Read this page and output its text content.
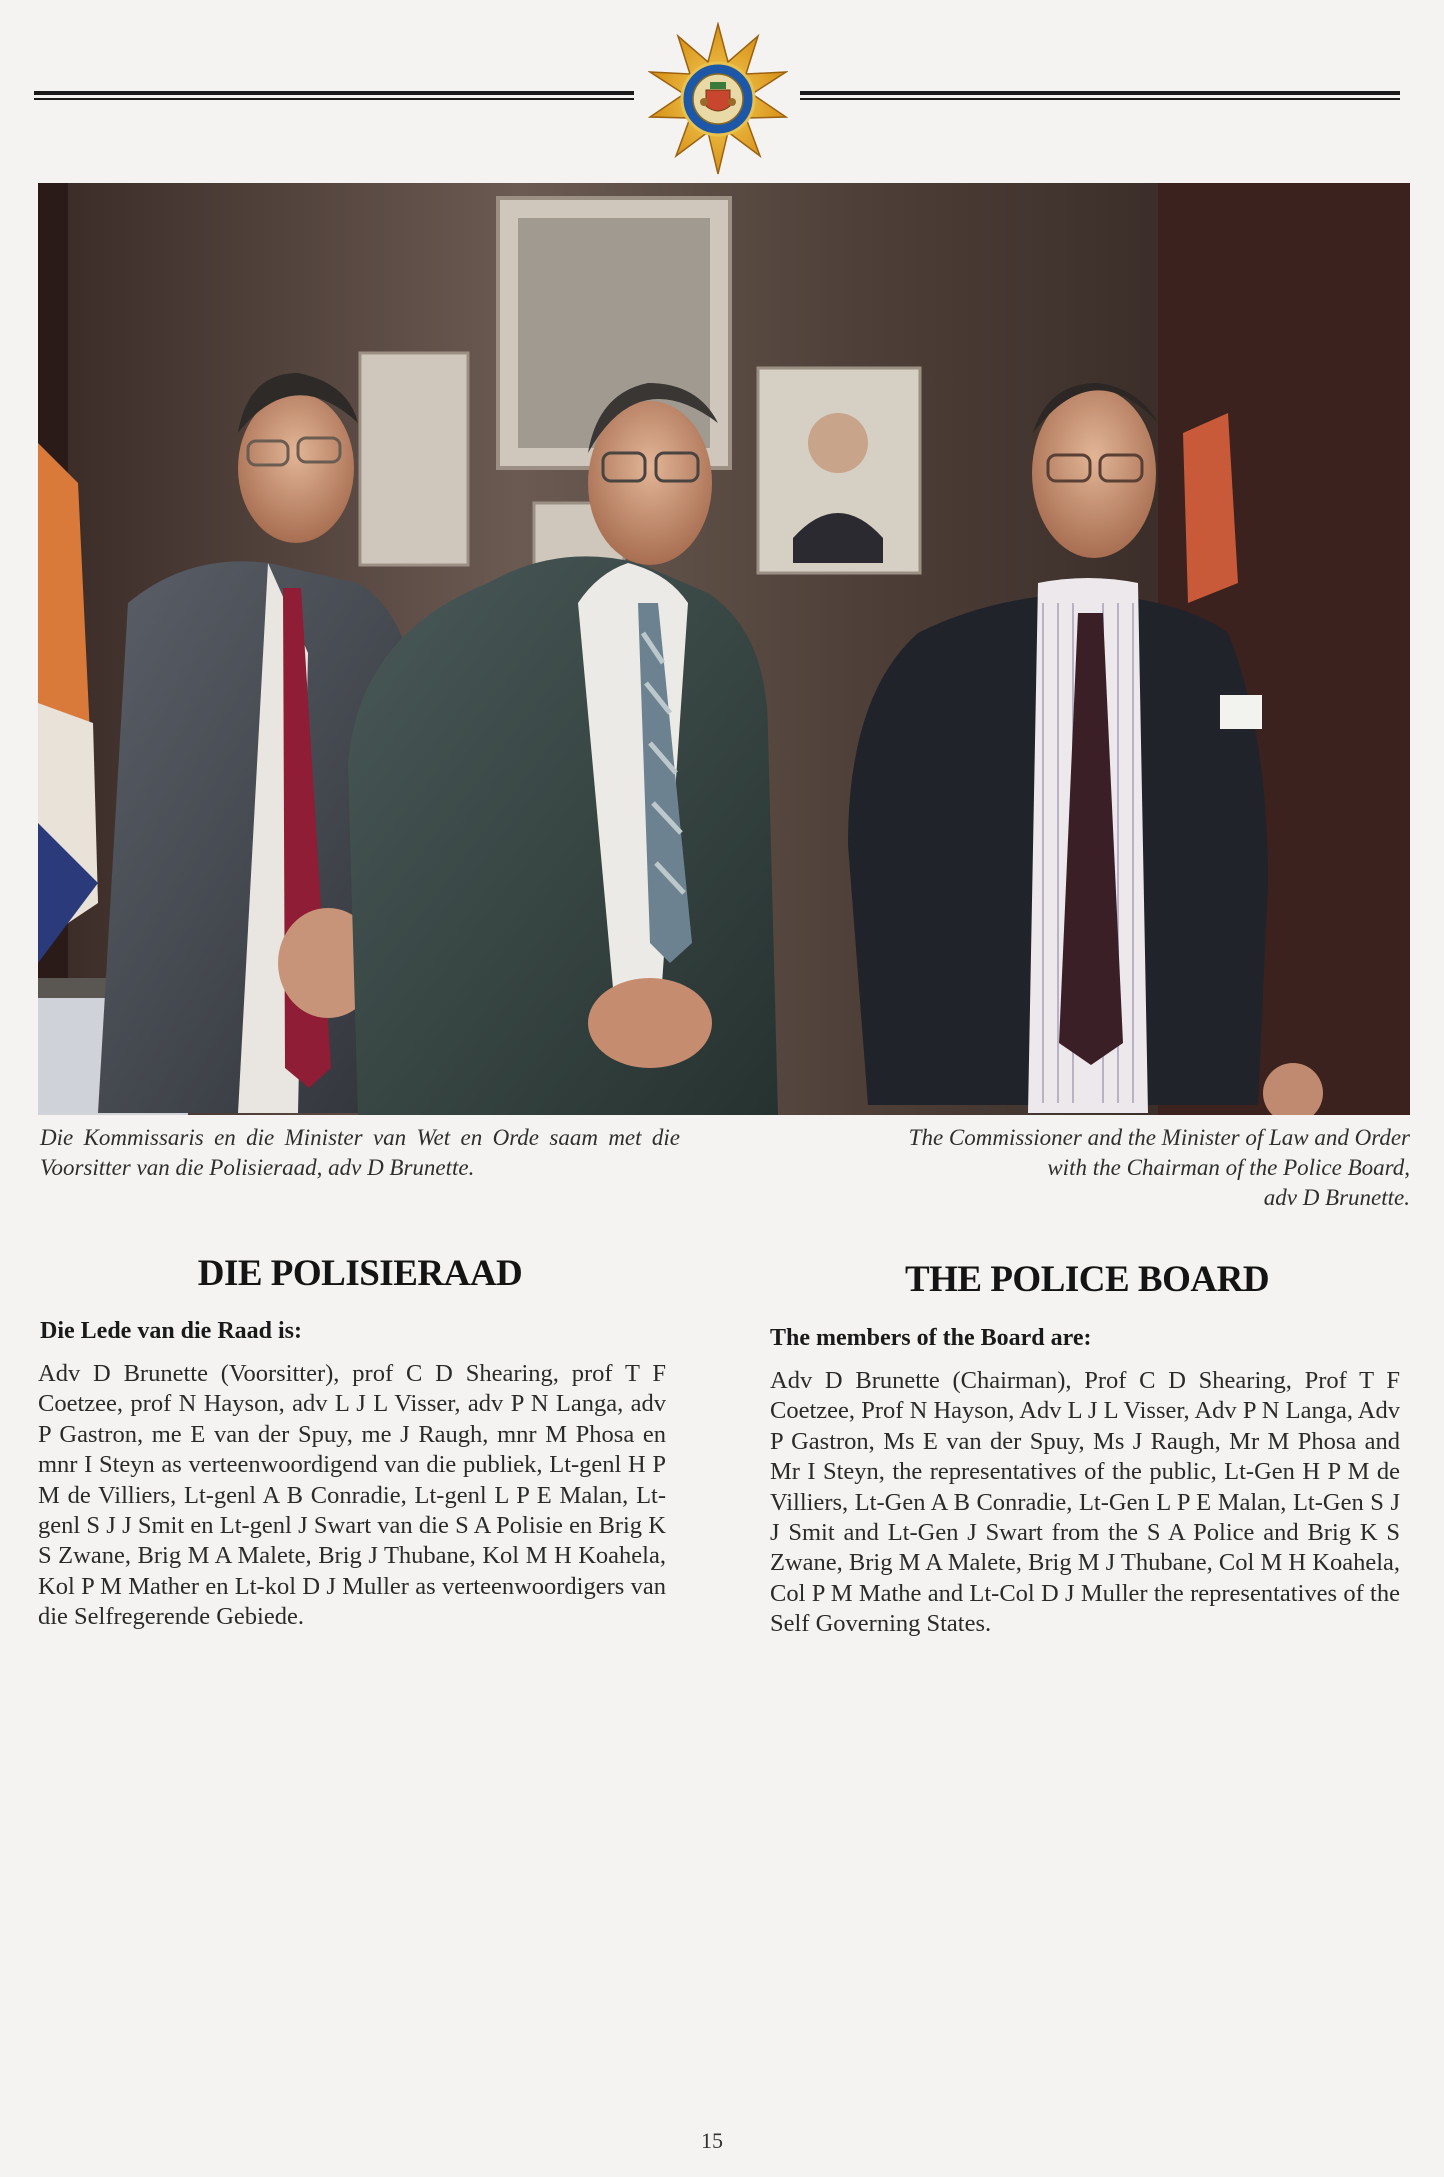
Die Kommissaris en die Minister van Wet en Orde saam met die Voorsitter van die Polisieraad, adv D Brunette.
The Commissioner and the Minister of Law and Order
with the Chairman of the Police Board,
adv D Brunette.
DIE POLISIERAAD
Die Lede van die Raad is:
Adv D Brunette (Voorsitter), prof C D Shearing, prof T F Coetzee, prof N Hayson, adv L J L Visser, adv P N Langa, adv P Gastron, me E van der Spuy, me J Raugh, mnr M Phosa en mnr I Steyn as verteenwoordigend van die publiek, Lt-genl H P M de Villiers, Lt-genl A B Conradie, Lt-genl L P E Malan, Lt-genl S J J Smit en Lt-genl J Swart van die S A Polisie en Brig K S Zwane, Brig M A Malete, Brig J Thubane, Kol M H Koahela, Kol P M Mather en Lt-kol D J Muller as verteenwoordigers van die Selfregerende Gebiede.
THE POLICE BOARD
The members of the Board are:
Adv D Brunette (Chairman), Prof C D Shearing, Prof T F Coetzee, Prof N Hayson, Adv L J L Visser, Adv P N Langa, Adv P Gastron, Ms E van der Spuy, Ms J Raugh, Mr M Phosa and Mr I Steyn, the representatives of the public, Lt-Gen H P M de Villiers, Lt-Gen A B Conradie, Lt-Gen L P E Malan, Lt-Gen S J J Smit and Lt-Gen J Swart from the S A Police and Brig K S Zwane, Brig M A Malete, Brig M J Thubane, Col M H Koahela, Col P M Mathe and Lt-Col D J Muller the representatives of the Self Governing States.
15
